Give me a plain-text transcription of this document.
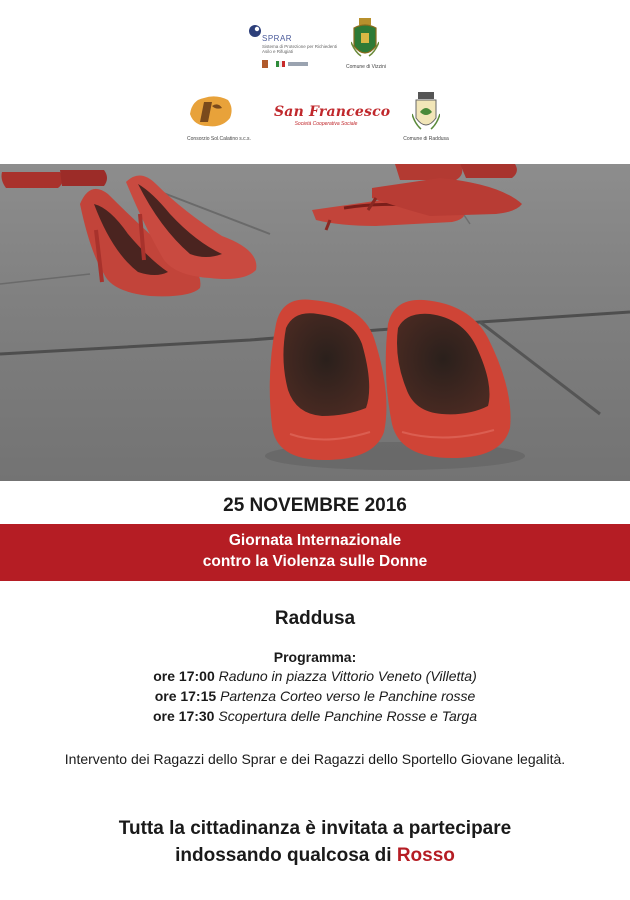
SPRAR
Sistema di Protezione per Richiedenti Asilo e Rifugiati
Comune di Vizzini
Consorzio Sol.Calatino s.c.s.
San Francesco
Società Cooperativa Sociale
Comune di Raddusa
25 NOVEMBRE 2016
Giornata Internazionale
contro la Violenza sulle Donne
Raddusa
Programma:
ore 17:00 Raduno in piazza Vittorio Veneto (Villetta)
ore 17:15 Partenza Corteo verso le Panchine rosse
ore 17:30 Scopertura delle Panchine Rosse e Targa
Intervento dei Ragazzi dello Sprar e dei Ragazzi dello Sportello Giovane legalità.
Tutta la cittadinanza è invitata a partecipare
indossando qualcosa di Rosso
